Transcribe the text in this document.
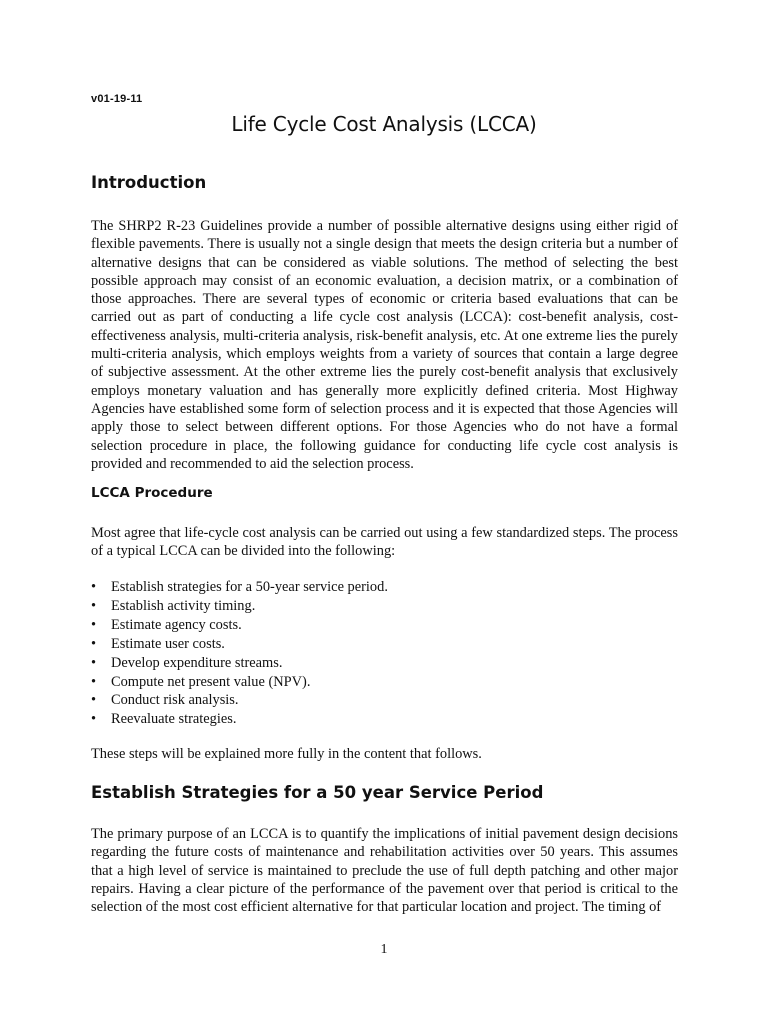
v01-19-11
Life Cycle Cost Analysis (LCCA)
Introduction

The SHRP2 R-23 Guidelines provide a number of possible alternative designs using either rigid of flexible pavements. There is usually not a single design that meets the design criteria but a number of alternative designs that can be considered as viable solutions. The method of selecting the best possible approach may consist of an economic evaluation, a decision matrix, or a combination of those approaches. There are several types of economic or criteria based evaluations that can be carried out as part of conducting a life cycle cost analysis (LCCA): cost-benefit analysis, cost-effectiveness analysis, multi-criteria analysis, risk-benefit analysis, etc. At one extreme lies the purely multi-criteria analysis, which employs weights from a variety of sources that contain a large degree of subjective assessment. At the other extreme lies the purely cost-benefit analysis that exclusively employs monetary valuation and has generally more explicitly defined criteria. Most Highway Agencies have established some form of selection process and it is expected that those Agencies will apply those to select between different options. For those Agencies who do not have a formal selection procedure in place, the following guidance for conducting life cycle cost analysis is provided and recommended to aid the selection process.

LCCA Procedure

Most agree that life-cycle cost analysis can be carried out using a few standardized steps. The process of a typical LCCA can be divided into the following:

• Establish strategies for a 50-year service period.
• Establish activity timing.
• Estimate agency costs.
• Estimate user costs.
• Develop expenditure streams.
• Compute net present value (NPV).
• Conduct risk analysis.
• Reevaluate strategies.

These steps will be explained more fully in the content that follows.

Establish Strategies for a 50 year Service Period

The primary purpose of an LCCA is to quantify the implications of initial pavement design decisions regarding the future costs of maintenance and rehabilitation activities over 50 years. This assumes that a high level of service is maintained to preclude the use of full depth patching and other major repairs. Having a clear picture of the performance of the pavement over that period is critical to the selection of the most cost efficient alternative for that particular location and project. The timing of

1
